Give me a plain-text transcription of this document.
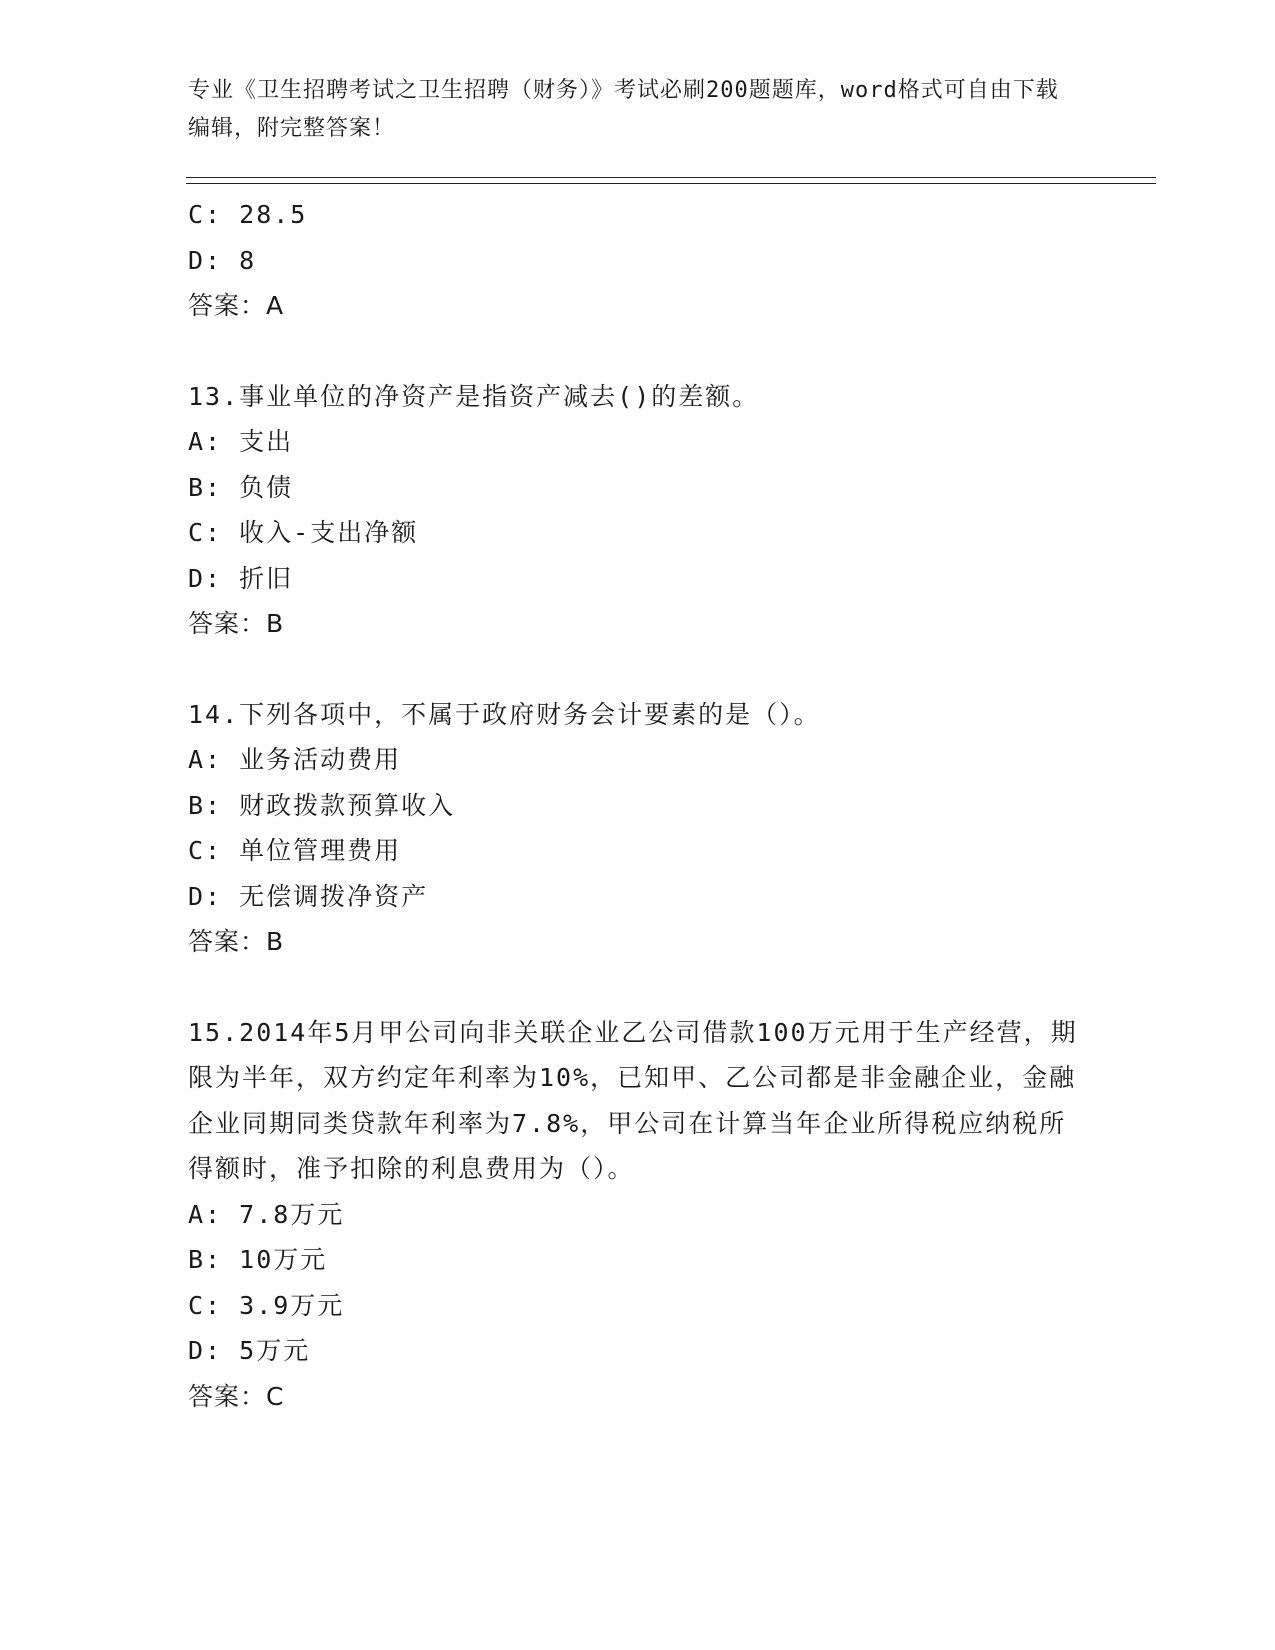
专业《卫生招聘考试之卫生招聘（财务）》考试必刷200题题库，word格式可自由下载编辑，附完整答案！
C: 28.5
D: 8
答案：A
13.事业单位的净资产是指资产减去()的差额。
A: 支出
B: 负债
C: 收入-支出净额
D: 折旧
答案：B
14.下列各项中，不属于政府财务会计要素的是（）。
A: 业务活动费用
B: 财政拨款预算收入
C: 单位管理费用
D: 无偿调拨净资产
答案：B
15.2014年5月甲公司向非关联企业乙公司借款100万元用于生产经营，期限为半年，双方约定年利率为10%，已知甲、乙公司都是非金融企业，金融企业同期同类贷款年利率为7.8%，甲公司在计算当年企业所得税应纳税所得额时，准予扣除的利息费用为（）。
A: 7.8万元
B: 10万元
C: 3.9万元
D: 5万元
答案：C
